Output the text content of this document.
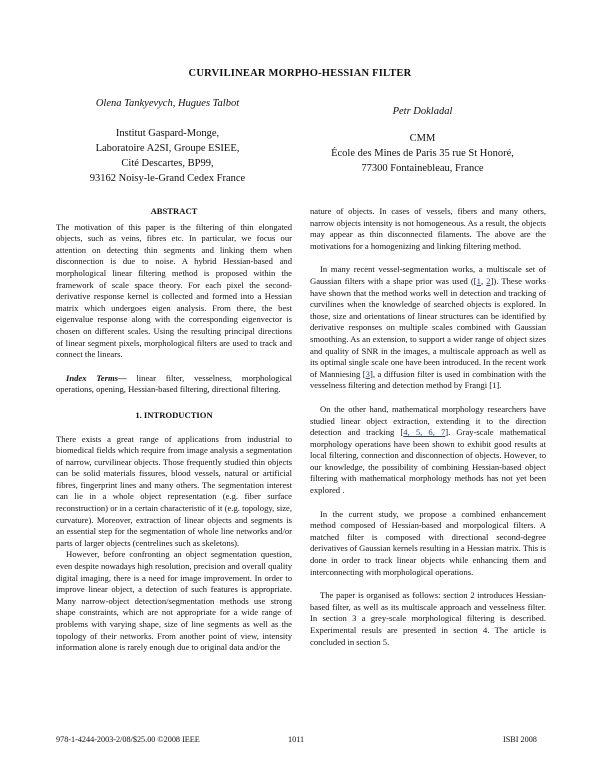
CURVILINEAR MORPHO-HESSIAN FILTER
Olena Tankyevych, Hugues Talbot
Institut Gaspard-Monge,
Laboratoire A2SI, Groupe ESIEE,
Cité Descartes, BP99,
93162 Noisy-le-Grand Cedex France
Petr Dokladal
CMM
École des Mines de Paris 35 rue St Honoré,
77300 Fontainebleau, France
ABSTRACT

The motivation of this paper is the filtering of thin elongated objects, such as veins, fibres etc. In particular, we focus our attention on detecting thin segments and linking them when disconnection is due to noise. A hybrid Hessian-based and morphological linear filtering method is proposed within the framework of scale space theory. For each pixel the second-derivative response kernel is collected and formed into a Hessian matrix which undergoes eigen analysis. From there, the best eigenvalue response along with the corresponding eigenvector is chosen on different scales. Using the resulting principal directions of linear segment pixels, morphological filters are used to track and connect the linears.

Index Terms— linear filter, vesselness, morphological operations, opening, Hessian-based filtering, directional filtering.

1. INTRODUCTION

There exists a great range of applications from industrial to biomedical fields which require from image analysis a segmentation of narrow, curvilinear objects. Those frequently studied thin objects can be solid materials fissures, blood vessels, natural or artificial fibres, fingerprint lines and many others. The segmentation interest can lie in a whole object representation (e.g. fiber surface reconstruction) or in a certain characteristic of it (e.g. topology, size, curvature). Moreover, extraction of linear objects and segments is an essential step for the segmentation of whole line networks and/or parts of larger objects (centrelines such as skeletons).

However, before confronting an object segmentation question, even despite nowadays high resolution, precision and overall quality digital imaging, there is a need for image improvement. In order to improve linear object, a detection of such features is appropriate. Many narrow-object detection/segmentation methods use strong shape constraints, which are not appropriate for a wide range of problems with varying shape, size of line segments as well as the topology of their networks. From another point of view, intensity information alone is rarely enough due to original data and/or the

nature of objects. In cases of vessels, fibers and many others, narrow objects intensity is not homogeneous. As a result, the objects may appear as thin disconnected filaments. The above are the motivations for a homogenizing and linking filtering method.

In many recent vessel-segmentation works, a multiscale set of Gaussian filters with a shape prior was used ([1, 2]). These works have shown that the method works well in detection and tracking of curvilines when the knowledge of searched objects is explored. In those, size and orientations of linear structures can be identified by derivative responses on multiple scales combined with Gaussian smoothing. As an extension, to support a wider range of object sizes and quality of SNR in the images, a multiscale approach as well as its optimal single scale one have been introduced. In the recent work of Manniesing [3], a diffusion filter is used in combination with the vesselness filtering and detection method by Frangi [1].

On the other hand, mathematical morphology researchers have studied linear object extraction, extending it to the direction detection and tracking [4, 5, 6, 7]. Gray-scale mathematical morphology operations have been shown to exhibit good results at local filtering, connection and disconnection of objects. However, to our knowledge, the possibility of combining Hessian-based object filtering with mathematical morphology methods has not yet been explored .

In the current study, we propose a combined enhancement method composed of Hessian-based and morpological filters. A matched filter is composed with directional second-degree derivatives of Gaussian kernels resulting in a Hessian matrix. This is done in order to track linear objects while enhancing them and interconnecting with morphological operations.

The paper is organised as follows: section 2 introduces Hessian-based filter, as well as its multiscale approach and vesselness filter. In section 3 a grey-scale morphological filtering is described. Experimental resuls are presented in section 4. The article is concluded in section 5.

978-1-4244-2003-2/08/$25.00 ©2008 IEEE	1011	ISBI 2008
